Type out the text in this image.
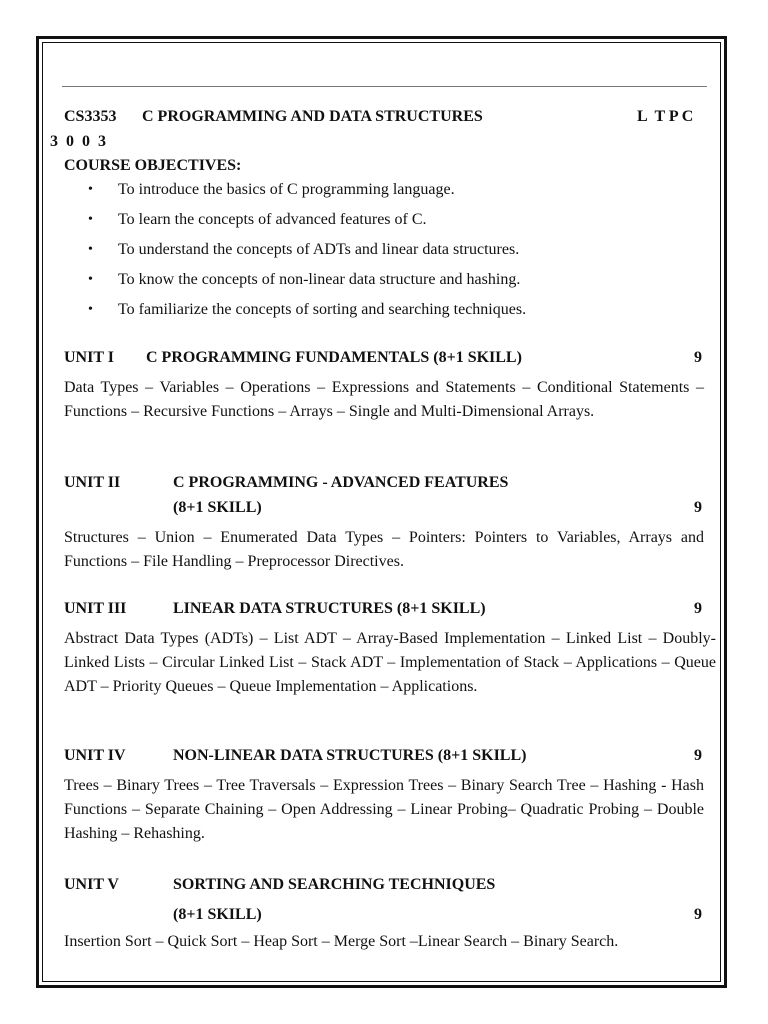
CS3353 C PROGRAMMING AND DATA STRUCTURES	L  T P C
3  0  0  3
COURSE OBJECTIVES:
• To introduce the basics of C programming language.
• To learn the concepts of advanced features of C.
• To understand the concepts of ADTs and linear data structures.
• To know the concepts of non-linear data structure and hashing.
• To familiarize the concepts of sorting and searching techniques.
UNIT I C PROGRAMMING FUNDAMENTALS (8+1 SKILL)	9
Data Types – Variables – Operations – Expressions and Statements – Conditional Statements – Functions – Recursive Functions – Arrays – Single and Multi-Dimensional Arrays.
UNIT II	C PROGRAMMING - ADVANCED FEATURES
(8+1 SKILL)	9
Structures – Union – Enumerated Data Types – Pointers: Pointers to Variables, Arrays and Functions – File Handling – Preprocessor Directives.
UNIT III	LINEAR DATA STRUCTURES (8+1 SKILL)	9
Abstract Data Types (ADTs) – List ADT – Array-Based Implementation – Linked List – Doubly- Linked Lists – Circular Linked List – Stack ADT – Implementation of Stack – Applications – Queue ADT – Priority Queues – Queue Implementation – Applications.
UNIT IV	NON-LINEAR DATA STRUCTURES (8+1 SKILL)	9
Trees – Binary Trees – Tree Traversals – Expression Trees – Binary Search Tree – Hashing - Hash Functions – Separate Chaining – Open Addressing – Linear Probing– Quadratic Probing – Double Hashing – Rehashing.
UNIT V	SORTING AND SEARCHING TECHNIQUES
(8+1 SKILL)	9
Insertion Sort – Quick Sort – Heap Sort – Merge Sort –Linear Search – Binary Search.
